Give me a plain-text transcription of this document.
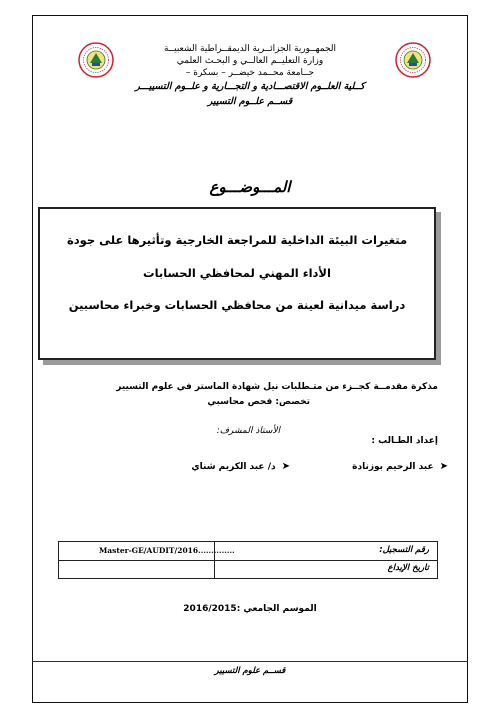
الجمهــورية الجزائــرية الديمقــراطية الشعبيــة
وزارة التعليــم العالــي و البحـث العلمي
جــامعة محــمد خيضــر – بسكرة –
كــلية العلــوم الاقتصـــادية و التجـــارية و علــوم التسييـــر
قســم علــوم التسيير
المـــوضـــوع
متغيرات البيئة الداخلية للمراجعة الخارجية وتأثيرها على جودة
الأداء المهني لمحافظي الحسابات
دراسة ميدانية لعينة من محافظي الحسابات وخبراء محاسبين
مذكرة مقدمــة كجــزء من متـطلبات نيل شهادة الماستر في علوم التسيير
تخصص: فحص محاسبي
إعداد الطـالب :
الأستاذ المشرف:
➤عبد الرحيم بوزنادة
➤د/ عبد الكريم شناي
رقم التسجيل:
Master-GE/AUDIT/2016..............
تاريخ الإيداع
الموسم الجامعي :2016/2015
قســم علوم التسيير
